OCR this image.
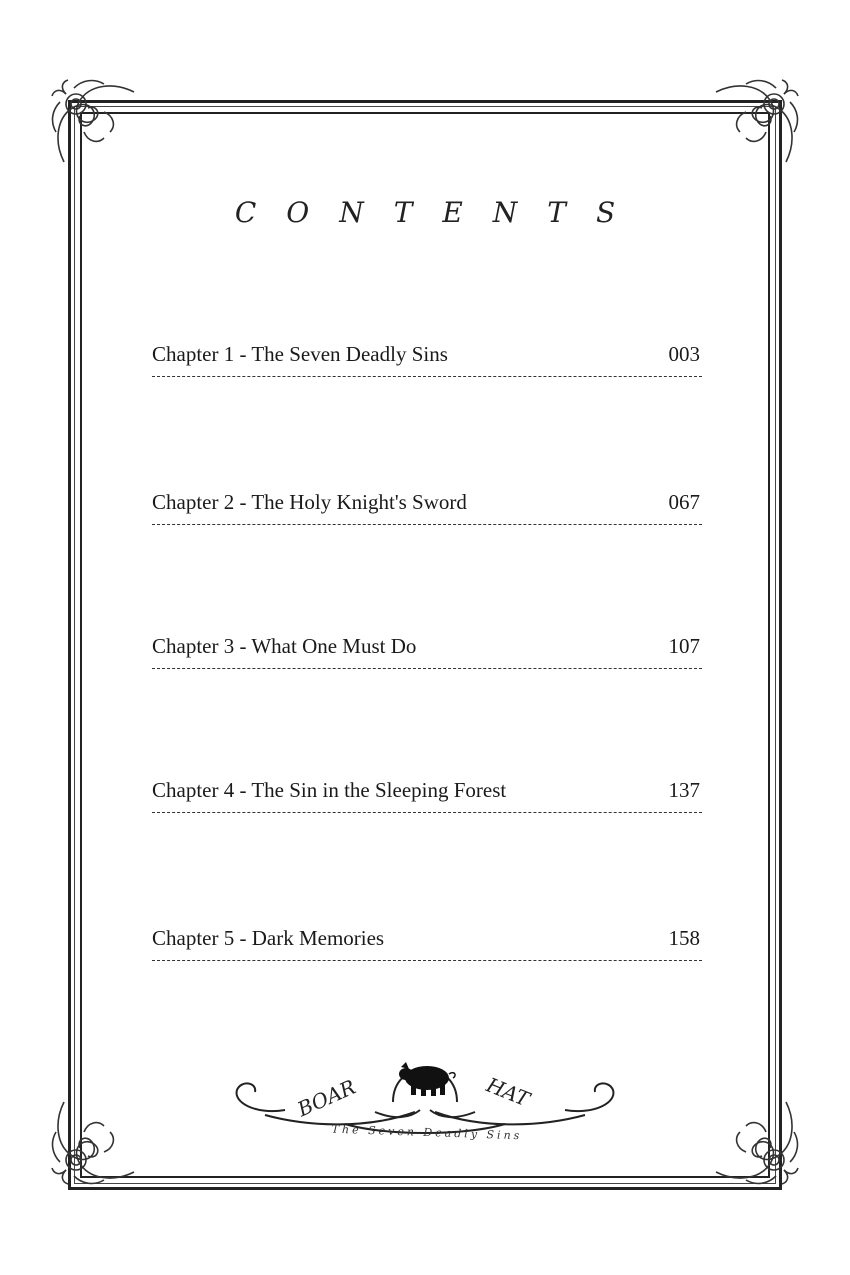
CONTENTS
Chapter 1 - The Seven Deadly Sins	003
Chapter 2 - The Holy Knight's Sword	067
Chapter 3 - What One Must Do	107
Chapter 4 - The Sin in the Sleeping Forest	137
Chapter 5 - Dark Memories	158
BOAR	HAT
The Seven Deadly Sins
